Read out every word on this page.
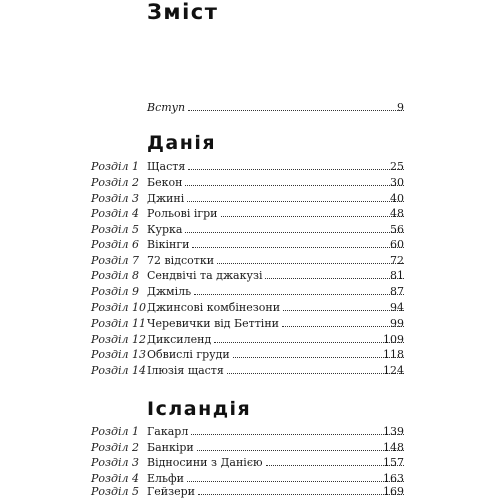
Зміст
Вступ	9
Данія
Розділ 1 Щастя	25
Розділ 2 Бекон	30
Розділ 3 Джині	40
Розділ 4 Рольові ігри	48
Розділ 5 Курка	56
Розділ 6 Вікінги	60
Розділ 7 72 відсотки	72
Розділ 8 Сендвічі та джакузі	81
Розділ 9 Джміль	87
Розділ 10 Джинсові комбінезони	94
Розділ 11 Черевички від Беттіни	99
Розділ 12 Диксиленд	109
Розділ 13 Обвислі груди	118
Розділ 14 Ілюзія щастя	124
Ісландія
Розділ 1 Гакарл	139
Розділ 2 Банкіри	148
Розділ 3 Відносини з Данією	157
Розділ 4 Ельфи	163
Розділ 5 Гейзери	169
